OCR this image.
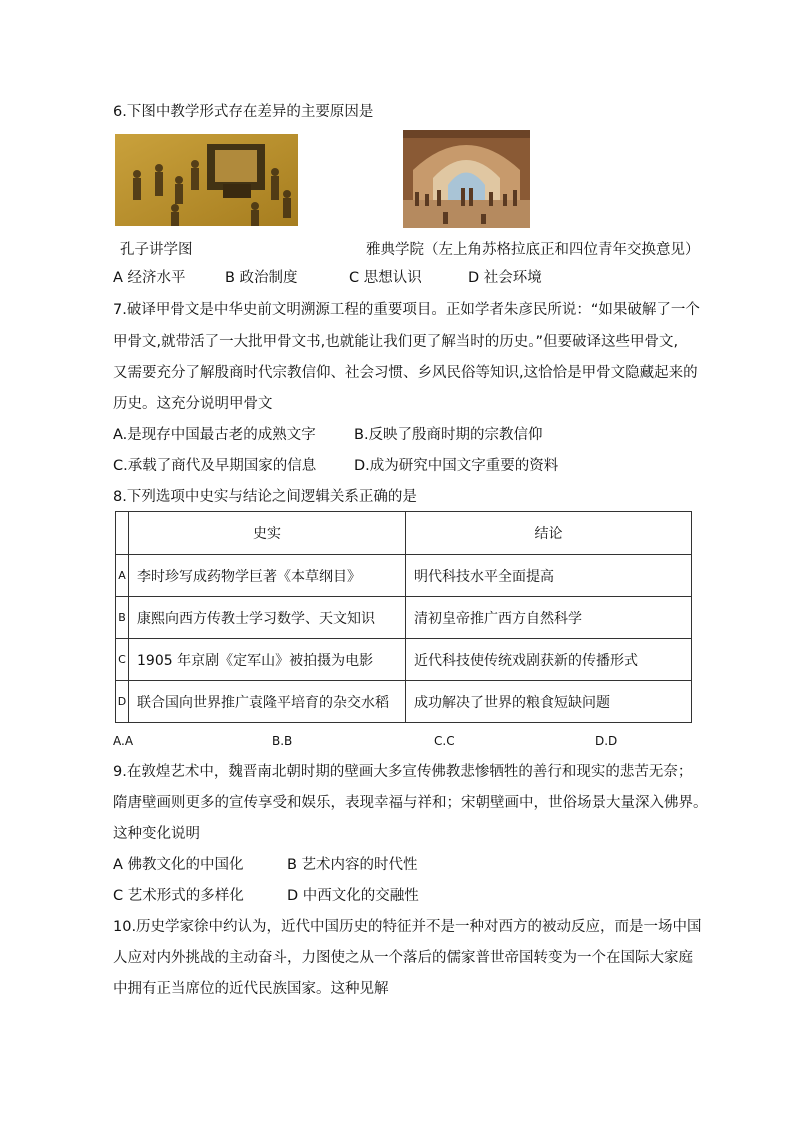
6.下图中教学形式存在差异的主要原因是
孔子讲学图	雅典学院（左上角苏格拉底正和四位青年交换意见）
A 经济水平	B 政治制度	C 思想认识	D 社会环境
7.破译甲骨文是中华史前文明溯源工程的重要项目。正如学者朱彦民所说：“如果破解了一个
甲骨文,就带活了一大批甲骨文书,也就能让我们更了解当时的历史。”但要破译这些甲骨文,
又需要充分了解殷商时代宗教信仰、社会习惯、乡风民俗等知识,这恰恰是甲骨文隐藏起来的
历史。这充分说明甲骨文
A.是现存中国最古老的成熟文字	B.反映了殷商时期的宗教信仰
C.承载了商代及早期国家的信息	D.成为研究中国文字重要的资料
8.下列选项中史实与结论之间逻辑关系正确的是
	史实	结论
A	李时珍写成药物学巨著《本草纲目》	明代科技水平全面提高
B	康熙向西方传教士学习数学、天文知识	清初皇帝推广西方自然科学
C	1905 年京剧《定军山》被拍摄为电影	近代科技使传统戏剧获新的传播形式
D	联合国向世界推广袁隆平培育的杂交水稻	成功解决了世界的粮食短缺问题
A.A	B.B	C.C	D.D
9.在敦煌艺术中，魏晋南北朝时期的壁画大多宣传佛教悲惨牺牲的善行和现实的悲苦无奈；
隋唐壁画则更多的宣传享受和娱乐，表现幸福与祥和；宋朝壁画中，世俗场景大量深入佛界。
这种变化说明
A 佛教文化的中国化	B 艺术内容的时代性
C 艺术形式的多样化	D 中西文化的交融性
10.历史学家徐中约认为，近代中国历史的特征并不是一种对西方的被动反应，而是一场中国
人应对内外挑战的主动奋斗，力图使之从一个落后的儒家普世帝国转变为一个在国际大家庭
中拥有正当席位的近代民族国家。这种见解
